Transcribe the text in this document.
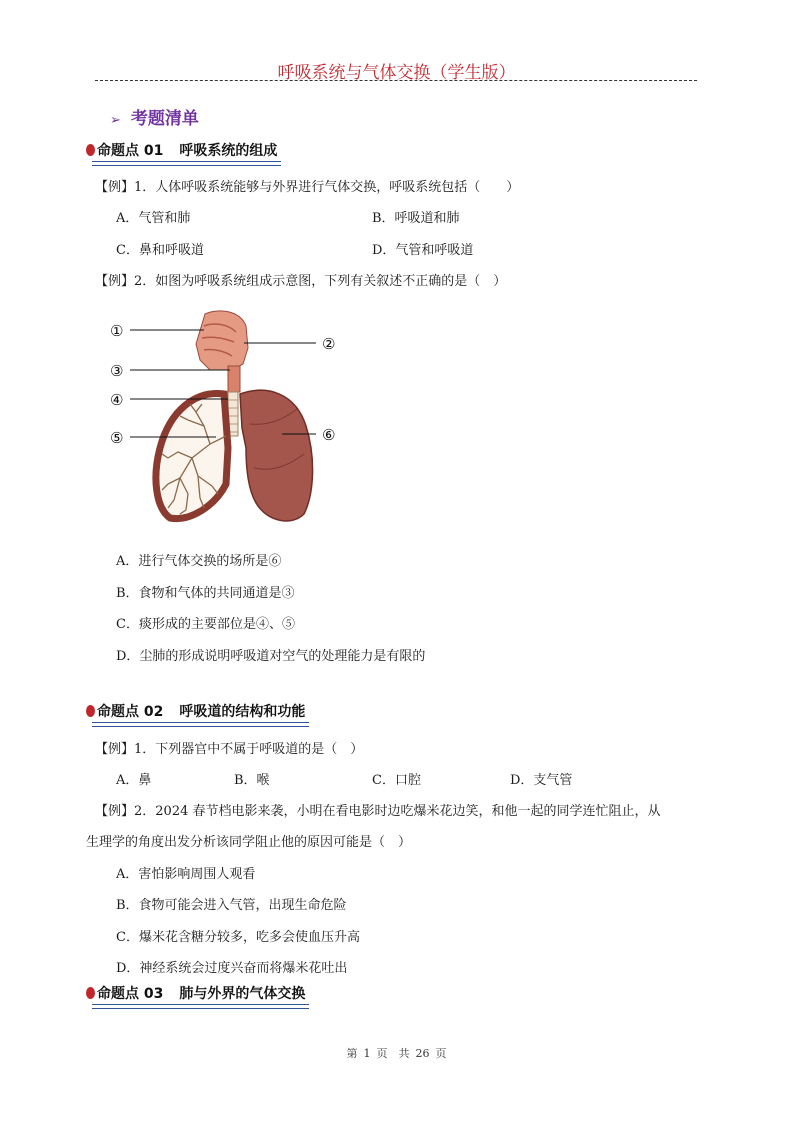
呼吸系统与气体交换（学生版）
➢ 考题清单
命题点 01 呼吸系统的组成
【例】1．人体呼吸系统能够与外界进行气体交换，呼吸系统包括（　　）
A．气管和肺	B．呼吸道和肺
C．鼻和呼吸道	D．气管和呼吸道
【例】2．如图为呼吸系统组成示意图，下列有关叙述不正确的是（　）
①
②
③
④
⑤	⑥
A．进行气体交换的场所是⑥
B．食物和气体的共同通道是③
C．痰形成的主要部位是④、⑤
D．尘肺的形成说明呼吸道对空气的处理能力是有限的
命题点 02 呼吸道的结构和功能
【例】1．下列器官中不属于呼吸道的是（　）
A．鼻	B．喉	C．口腔	D．支气管
【例】2．2024 春节档电影来袭，小明在看电影时边吃爆米花边笑，和他一起的同学连忙阻止，从
生理学的角度出发分析该同学阻止他的原因可能是（　）
A．害怕影响周围人观看
B．食物可能会进入气管，出现生命危险
C．爆米花含糖分较多，吃多会使血压升高
D．神经系统会过度兴奋而将爆米花吐出
命题点 03 肺与外界的气体交换
第 1 页　共 26 页
